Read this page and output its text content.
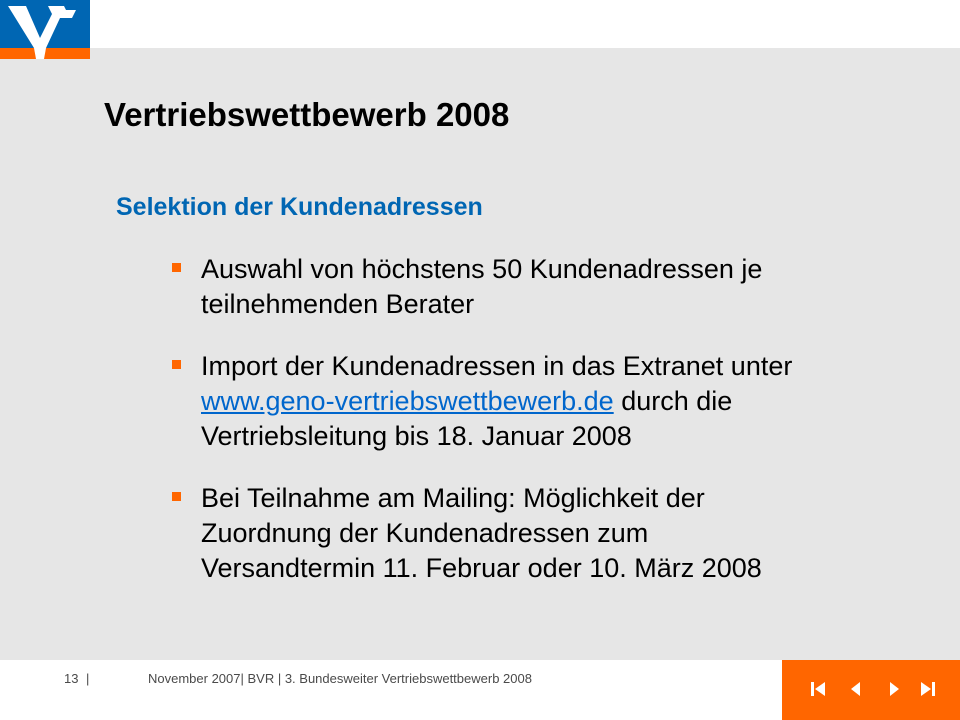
Vertriebswettbewerb 2008
Selektion der Kundenadressen
Auswahl von höchstens 50 Kundenadressen je
teilnehmenden Berater
Import der Kundenadressen in das Extranet unter
www.geno-vertriebswettbewerb.de durch die
Vertriebsleitung bis 18. Januar 2008
Bei Teilnahme am Mailing: Möglichkeit der
Zuordnung der Kundenadressen zum
Versandtermin 11. Februar oder 10. März 2008
13 |	November 2007| BVR | 3. Bundesweiter Vertriebswettbewerb 2008
